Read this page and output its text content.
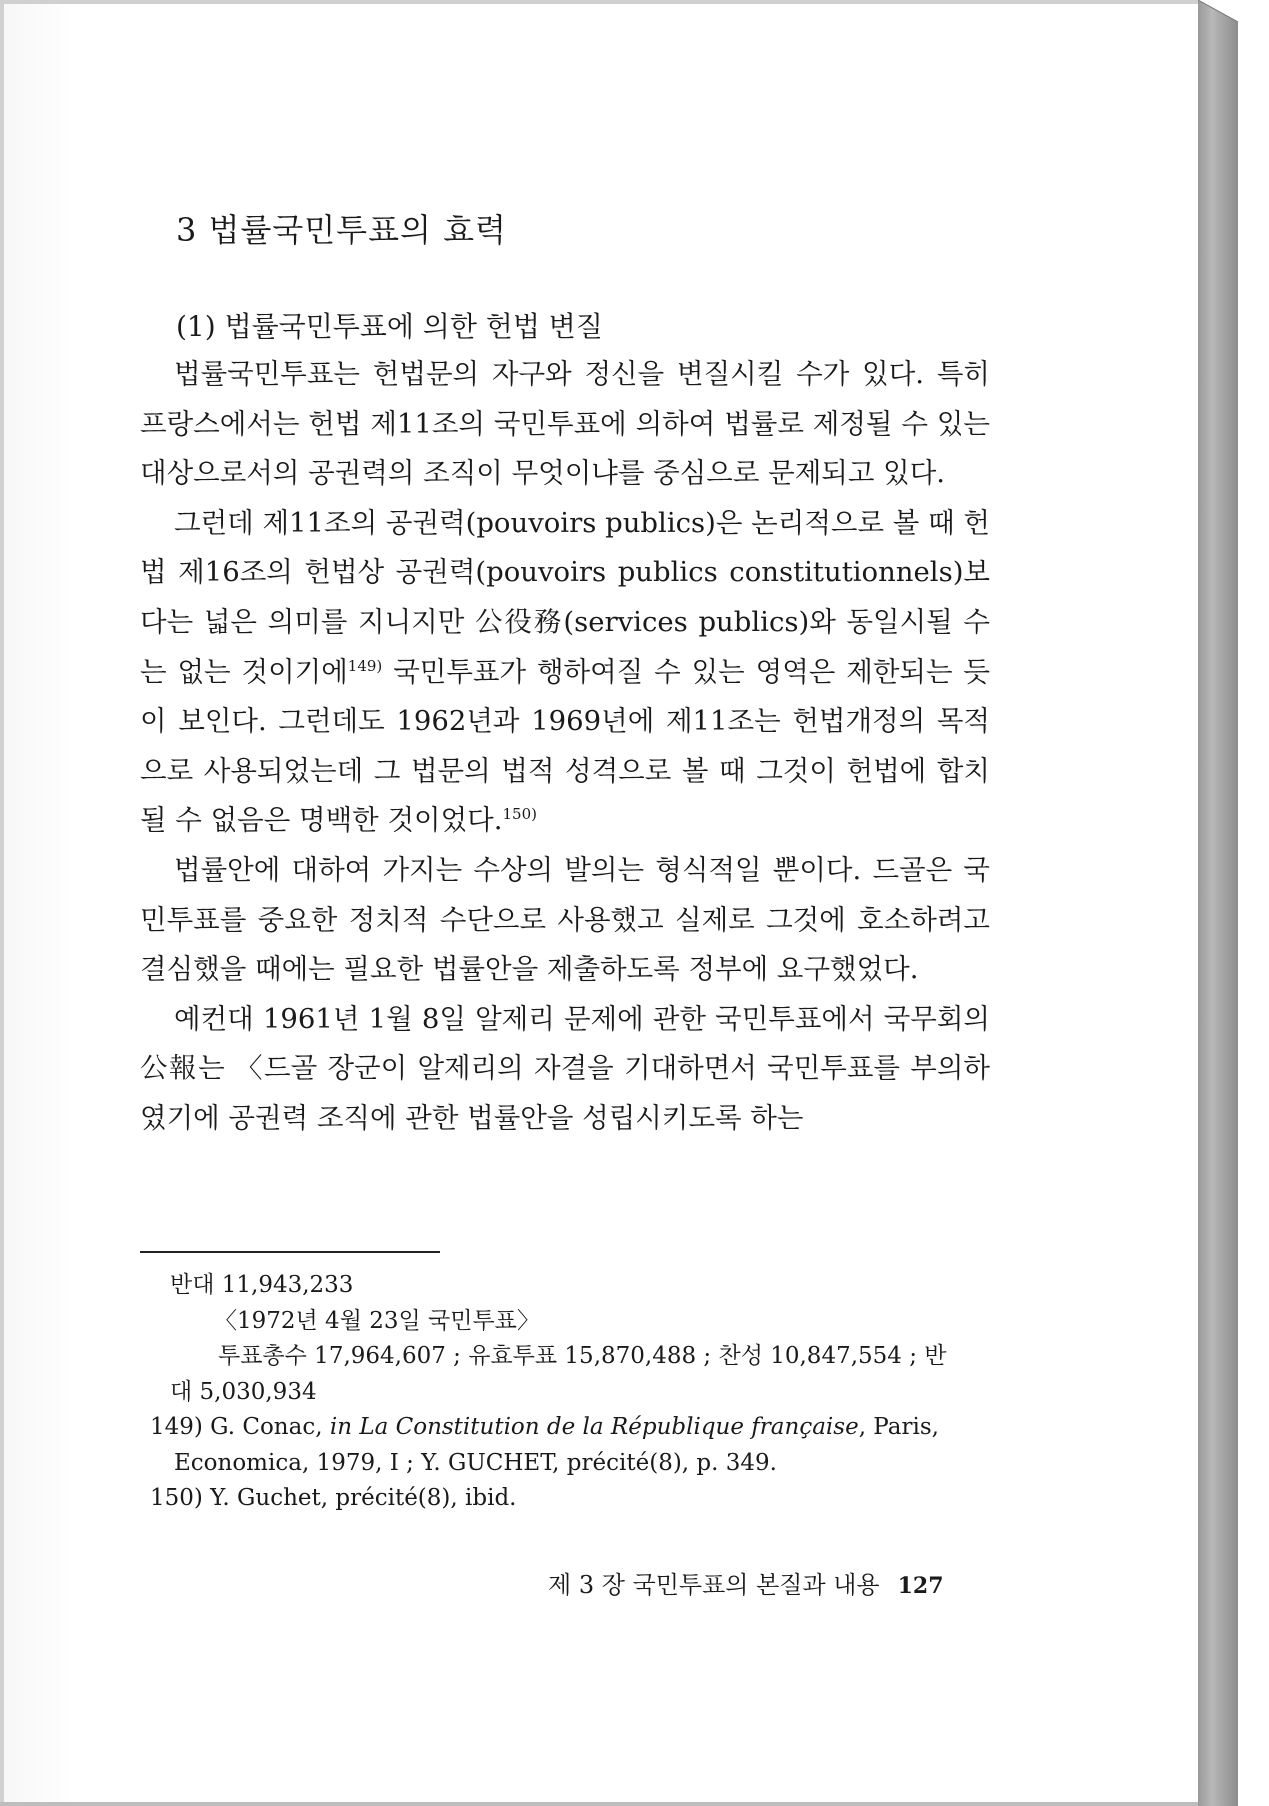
3 법률국민투표의 효력
(1) 법률국민투표에 의한 헌법 변질

법률국민투표는 헌법문의 자구와 정신을 변질시킬 수가 있다. 특히 프랑스에서는 헌법 제11조의 국민투표에 의하여 법률로 제정될 수 있는 대상으로서의 공권력의 조직이 무엇이냐를 중심으로 문제되고 있다.

그런데 제11조의 공권력(pouvoirs publics)은 논리적으로 볼 때 헌법 제16조의 헌법상 공권력(pouvoirs publics constitutionnels)보다는 넓은 의미를 지니지만 公役務(services publics)와 동일시될 수는 없는 것이기에$^{149)}$ 국민투표가 행하여질 수 있는 영역은 제한되는 듯이 보인다. 그런데도 1962년과 1969년에 제11조는 헌법개정의 목적으로 사용되었는데 그 법문의 법적 성격으로 볼 때 그것이 헌법에 합치될 수 없음은 명백한 것이었다.$^{150)}$

법률안에 대하여 가지는 수상의 발의는 형식적일 뿐이다. 드골은 국민투표를 중요한 정치적 수단으로 사용했고 실제로 그것에 호소하려고 결심했을 때에는 필요한 법률안을 제출하도록 정부에 요구했었다.

예컨대 1961년 1월 8일 알제리 문제에 관한 국민투표에서 국무회의 公報는 〈드골 장군이 알제리의 자결을 기대하면서 국민투표를 부의하였기에 공권력 조직에 관한 법률안을 성립시키도록 하는

반대 11,943,233

〈1972년 4월 23일 국민투표〉

투표총수 17,964,607 ; 유효투표 15,870,488 ; 찬성 10,847,554 ; 반

대 5,030,934

149) G. Conac, in La Constitution de la République française, Paris,

Economica, 1979, I ; Y. GUCHET, précité(8), p. 349.

150) Y. Guchet, précité(8), ibid.

제 3 장 국민투표의 본질과 내용 127
